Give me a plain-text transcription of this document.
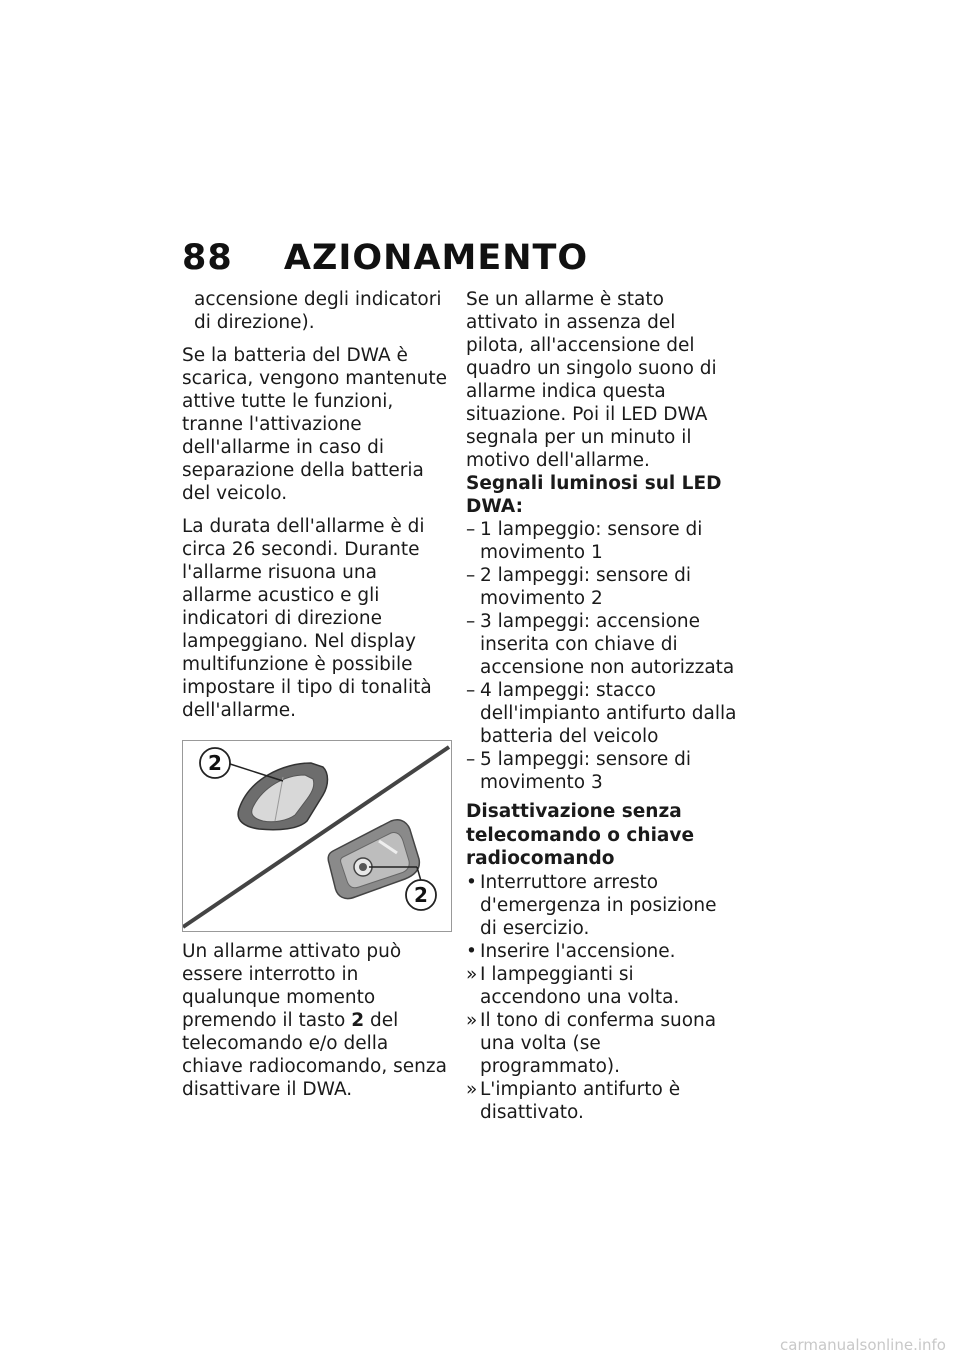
88 AZIONAMENTO

accensione degli indicatori di direzione).

Se la batteria del DWA è scarica, vengono mantenute attive tutte le funzioni, tranne l'attivazione dell'allarme in caso di separazione della batteria del veicolo.

La durata dell'allarme è di circa 26 secondi. Durante l'allarme risuona una allarme acustico e gli indicatori di direzione lampeggiano. Nel display multifunzione è possibile impostare il tipo di tonalità dell'allarme.

2
2

Un allarme attivato può essere interrotto in qualunque momento premendo il tasto 2 del telecomando e/o della chiave radiocomando, senza disattivare il DWA.

Se un allarme è stato attivato in assenza del pilota, all'accensione del quadro un singolo suono di allarme indica questa situazione. Poi il LED DWA segnala per un minuto il motivo dell'allarme.

Segnali luminosi sul LED DWA:

– 1 lampeggio: sensore di movimento 1
– 2 lampeggi: sensore di movimento 2
– 3 lampeggi: accensione inserita con chiave di accensione non autorizzata
– 4 lampeggi: stacco dell'impianto antifurto dalla batteria del veicolo
– 5 lampeggi: sensore di movimento 3

Disattivazione senza telecomando o chiave radiocomando

• Interruttore arresto d'emergenza in posizione di esercizio.
• Inserire l'accensione.
» I lampeggianti si accendono una volta.
» Il tono di conferma suona una volta (se programmato).
» L'impianto antifurto è disattivato.
carmanualsonline.info
